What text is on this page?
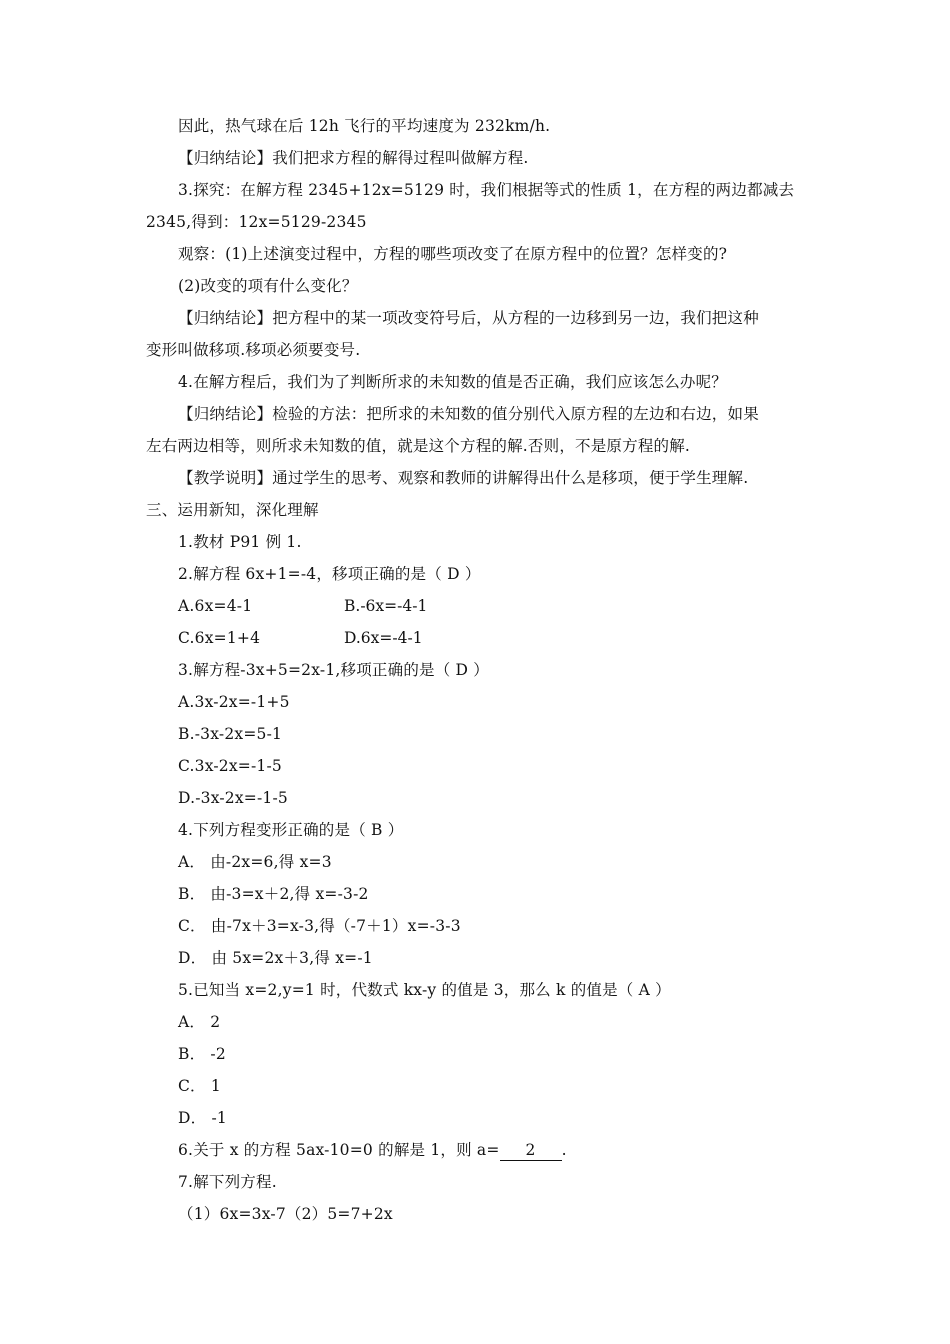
因此，热气球在后 12h 飞行的平均速度为 232km/h.
【归纳结论】我们把求方程的解得过程叫做解方程.
3.探究：在解方程 2345+12x=5129 时，我们根据等式的性质 1，在方程的两边都减去
2345,得到：12x=5129-2345
观察：(1)上述演变过程中，方程的哪些项改变了在原方程中的位置？怎样变的?
(2)改变的项有什么变化？
【归纳结论】把方程中的某一项改变符号后，从方程的一边移到另一边，我们把这种
变形叫做移项.移项必须要变号.
4.在解方程后，我们为了判断所求的未知数的值是否正确，我们应该怎么办呢？
【归纳结论】检验的方法：把所求的未知数的值分别代入原方程的左边和右边，如果
左右两边相等，则所求未知数的值，就是这个方程的解.否则，不是原方程的解.
【教学说明】通过学生的思考、观察和教师的讲解得出什么是移项，便于学生理解.
三、运用新知，深化理解
1.教材 P91 例 1.
2.解方程 6x+1=-4，移项正确的是（ D ）
A.6x=4-1	B.-6x=-4-1
C.6x=1+4	D.6x=-4-1
3.解方程-3x+5=2x-1,移项正确的是（ D ）
A.3x-2x=-1+5
B.-3x-2x=5-1
C.3x-2x=-1-5
D.-3x-2x=-1-5
4.下列方程变形正确的是（ B ）
A． 由-2x=6,得 x=3
B． 由-3=x＋2,得 x=-3-2
C． 由-7x＋3=x-3,得（-7＋1）x=-3-3
D． 由 5x=2x＋3,得 x=-1
5.已知当 x=2,y=1 时，代数式 kx-y 的值是 3，那么 k 的值是（ A ）
A． 2
B． -2
C． 1
D． -1
6.关于 x 的方程 5ax-10=0 的解是 1，则 a= 2 .
7.解下列方程.
（1）6x=3x-7（2）5=7+2x
